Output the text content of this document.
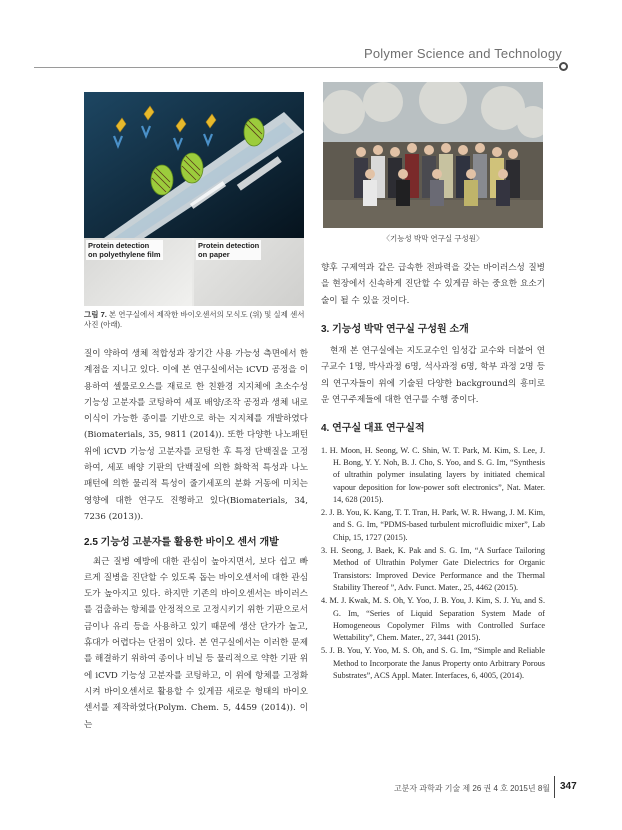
Polymer Science and Technology
Protein detection
on polyethylene film
Protein detection
on paper
그림 7. 본 연구실에서 제작한 바이오센서의 모식도 (위) 및 실제 센서 사진 (아래).
〈기능성 박막 연구실 구성원〉

질이 약하여 생체 적합성과 장기간 사용 가능성 측면에서 한계점을 지니고 있다. 이에 본 연구실에서는 iCVD 공정을 이용하여 셀룰로오스를 재료로 한 친환경 지지체에 초소수성 기능성 고분자를 코팅하여 세포 배양/조작 공정과 생체 내로 이식이 가능한 종이를 기반으로 하는 지지체를 개발하였다(Biomaterials, 35, 9811 (2014)). 또한 다양한 나노패턴 위에 iCVD 기능성 고분자를 코팅한 후 특정 단백질을 고정하여, 세포 배양 기판의 단백질에 의한 화학적 특성과 나노 패턴에 의한 물리적 특성이 줄기세포의 분화 거동에 미치는 영향에 대한 연구도 진행하고 있다(Biomaterials, 34, 7236 (2013)).

2.5 기능성 고분자를 활용한 바이오 센서 개발

최근 질병 예방에 대한 관심이 높아지면서, 보다 쉽고 빠르게 질병을 진단할 수 있도록 돕는 바이오센서에 대한 관심도가 높아지고 있다. 하지만 기존의 바이오센서는 바이러스를 검출하는 항체를 안정적으로 고정시키기 위한 기판으로서 금이나 유리 등을 사용하고 있기 때문에 생산 단가가 높고, 휴대가 어렵다는 단점이 있다. 본 연구실에서는 이러한 문제를 해결하기 위하여 종이나 비닐 등 물리적으로 약한 기판 위에 iCVD 기능성 고분자를 코팅하고, 이 위에 항체를 고정화시켜 바이오센서로 활용할 수 있게끔 새로운 형태의 바이오센서를 제작하였다(Polym. Chem. 5, 4459 (2014)). 이는

향후 구제역과 같은 급속한 전파력을 갖는 바이러스성 질병을 현장에서 신속하게 진단할 수 있게끔 하는 중요한 요소기술이 될 수 있을 것이다.

3. 기능성 박막 연구실 구성원 소개

현재 본 연구실에는 지도교수인 임성갑 교수와 더불어 연구교수 1명, 박사과정 6명, 석사과정 6명, 학부 과정 2명 등의 연구자들이 위에 기술된 다양한 background의 흥미로운 연구주제들에 대한 연구를 수행 중이다.

4. 연구실 대표 연구실적
1. H. Moon, H. Seong, W. C. Shin, W. T. Park, M. Kim, S. Lee, J. H. Bong, Y. Y. Noh, B. J. Cho, S. Yoo, and S. G. Im, “Synthesis of ultrathin polymer insulating layers by initiated chemical vapour deposition for low-power soft electronics”, Nat. Mater. 14, 628 (2015).
2. J. B. You, K. Kang, T. T. Tran, H. Park, W. R. Hwang, J. M. Kim, and S. G. Im, “PDMS-based turbulent microfluidic mixer”, Lab Chip, 15, 1727 (2015).
3. H. Seong, J. Baek, K. Pak and S. G. Im, “A Surface Tailoring Method of Ultrathin Polymer Gate Dielectrics for Organic Transistors: Improved Device Performance and the Thermal Stability Thereof ”, Adv. Funct. Mater., 25, 4462 (2015).
4. M. J. Kwak, M. S. Oh, Y. Yoo, J. B. You, J. Kim, S. J. Yu, and S. G. Im, “Series of Liquid Separation System Made of Homogeneous Copolymer Films with Controlled Surface Wettability”, Chem. Mater., 27, 3441 (2015).
5. J. B. You, Y. Yoo, M. S. Oh, and S. G. Im, “Simple and Reliable Method to Incorporate the Janus Property onto Arbitrary Porous Substrates”, ACS Appl. Mater. Interfaces, 6, 4005, (2014).
고분자 과학과 기술 제 26 권 4 호 2015년 8월 347
